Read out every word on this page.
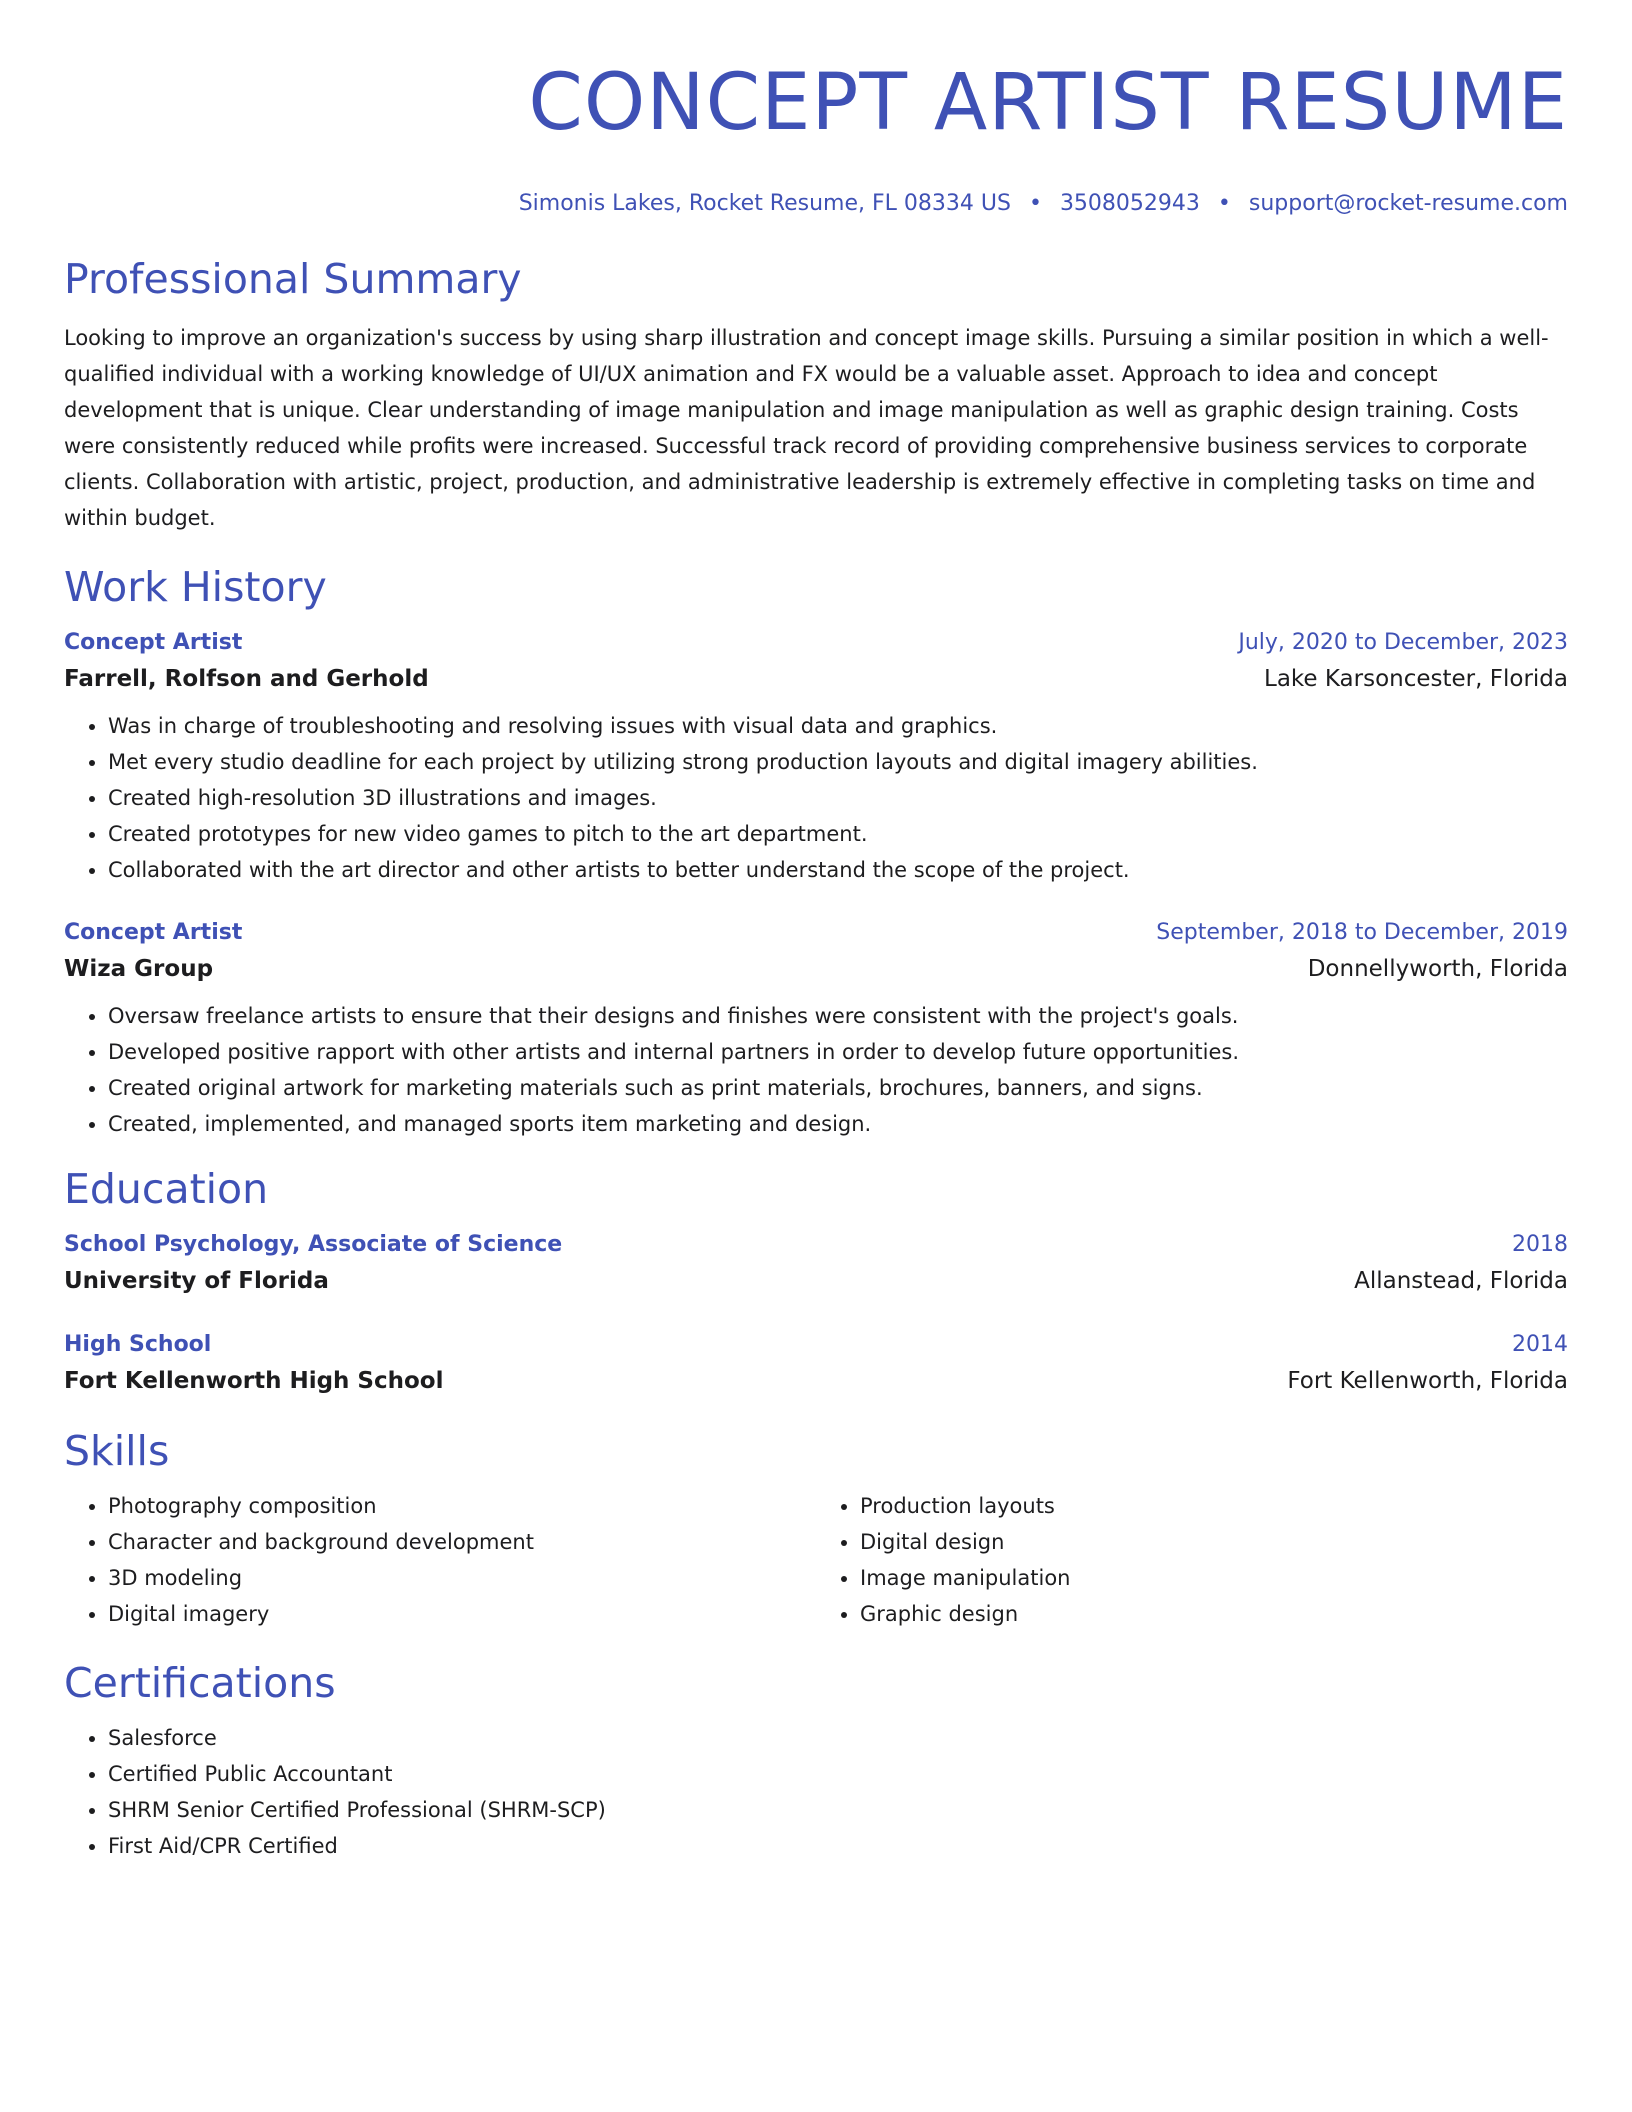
CONCEPT ARTIST RESUME
Simonis Lakes, Rocket Resume, FL 08334 US • 3508052943 • support@rocket-resume.com
Professional Summary
Looking to improve an organization's success by using sharp illustration and concept image skills. Pursuing a similar position in which a well-qualified individual with a working knowledge of UI/UX animation and FX would be a valuable asset. Approach to idea and concept development that is unique. Clear understanding of image manipulation and image manipulation as well as graphic design training. Costs were consistently reduced while profits were increased. Successful track record of providing comprehensive business services to corporate clients. Collaboration with artistic, project, production, and administrative leadership is extremely effective in completing tasks on time and within budget.
Work History
Concept Artist	July, 2020 to December, 2023
Farrell, Rolfson and Gerhold	Lake Karsoncester, Florida
• Was in charge of troubleshooting and resolving issues with visual data and graphics.
• Met every studio deadline for each project by utilizing strong production layouts and digital imagery abilities.
• Created high-resolution 3D illustrations and images.
• Created prototypes for new video games to pitch to the art department.
• Collaborated with the art director and other artists to better understand the scope of the project.
Concept Artist	September, 2018 to December, 2019
Wiza Group	Donnellyworth, Florida
• Oversaw freelance artists to ensure that their designs and finishes were consistent with the project's goals.
• Developed positive rapport with other artists and internal partners in order to develop future opportunities.
• Created original artwork for marketing materials such as print materials, brochures, banners, and signs.
• Created, implemented, and managed sports item marketing and design.
Education
School Psychology, Associate of Science	2018
University of Florida	Allanstead, Florida
High School	2014
Fort Kellenworth High School	Fort Kellenworth, Florida
Skills
• Photography composition
• Character and background development
• 3D modeling
• Digital imagery
• Production layouts
• Digital design
• Image manipulation
• Graphic design
Certifications
• Salesforce
• Certified Public Accountant
• SHRM Senior Certified Professional (SHRM-SCP)
• First Aid/CPR Certified
